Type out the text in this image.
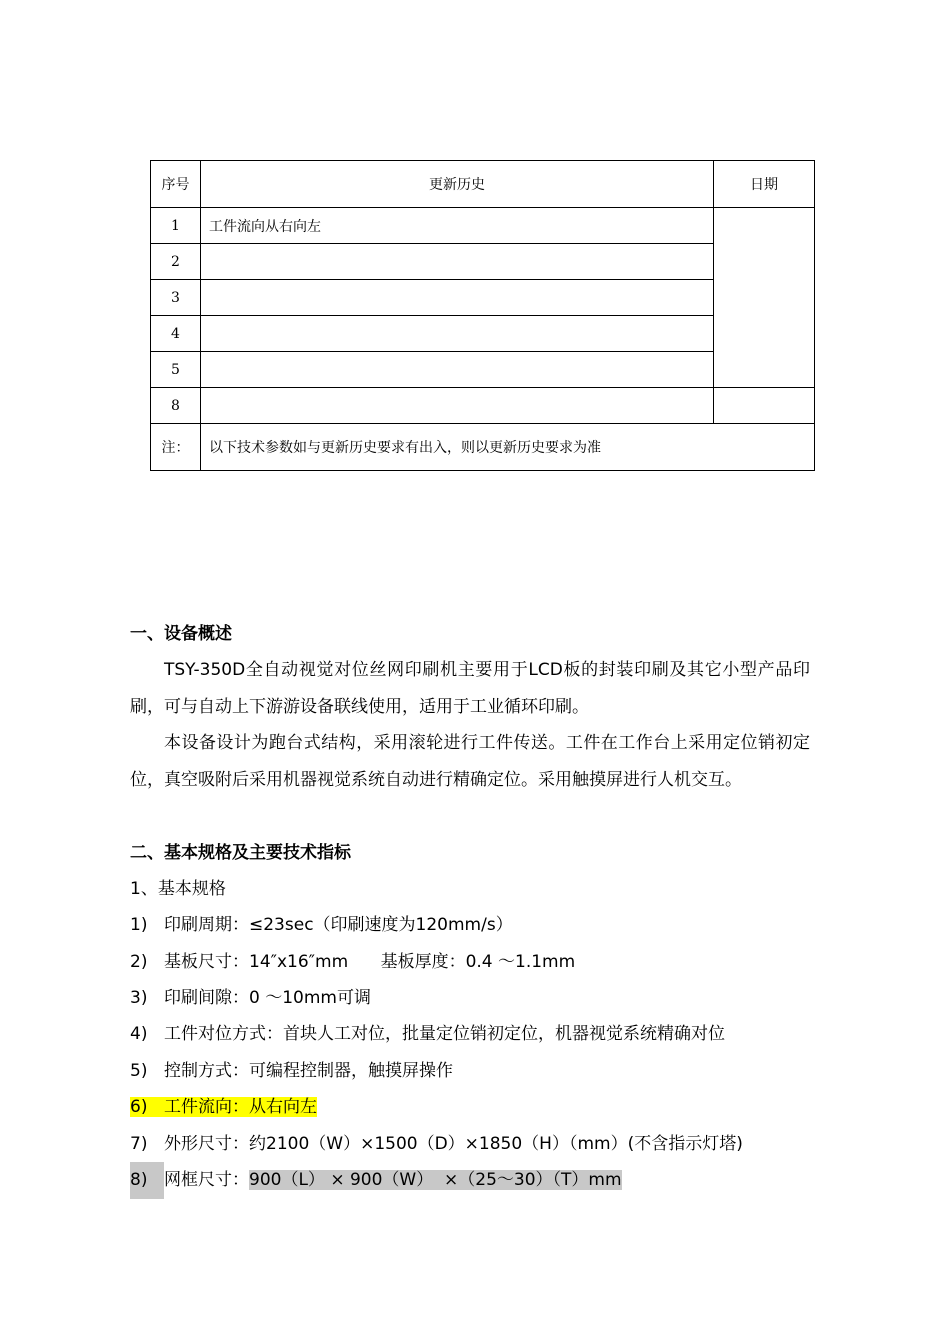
序号	更新历史	日期
1	工件流向从右向左	
2		
3		
4		
5		
8		
注：	以下技术参数如与更新历史要求有出入，则以更新历史要求为准	
一、设备概述
TSY-350D全自动视觉对位丝网印刷机主要用于LCD板的封装印刷及其它小型产品印刷，可与自动上下游游设备联线使用，适用于工业循环印刷。
本设备设计为跑台式结构，采用滚轮进行工件传送。工件在工作台上采用定位销初定位，真空吸附后采用机器视觉系统自动进行精确定位。采用触摸屏进行人机交互。
二、基本规格及主要技术指标
1、基本规格
1) 印刷周期：≤23sec（印刷速度为120mm/s）
2) 基板尺寸：14″x16″mm      基板厚度：0.4 ～1.1mm
3) 印刷间隙：0 ～10mm可调
4) 工件对位方式：首块人工对位，批量定位销初定位，机器视觉系统精确对位
5) 控制方式：可编程控制器，触摸屏操作
6) 工件流向：从右向左
7) 外形尺寸：约2100（W）×1500（D）×1850（H）（mm）(不含指示灯塔)
8) 网框尺寸：900（L） × 900（W）  ×（25～30）（T）mm
